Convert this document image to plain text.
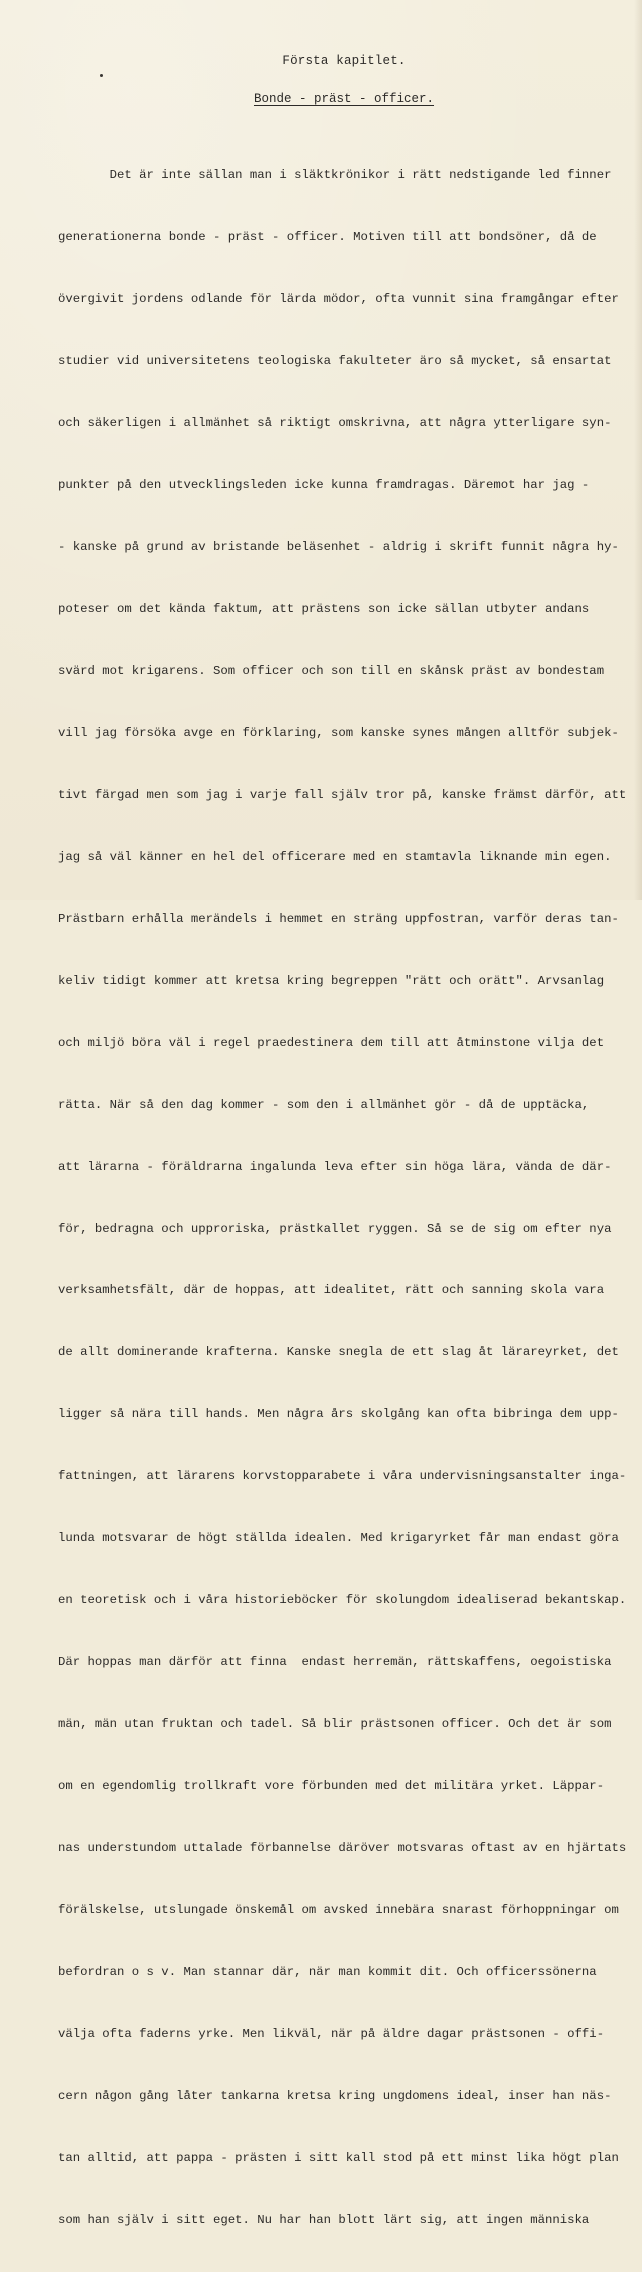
Första kapitlet.
Bonde - präst - officer.

Det är inte sällan man i släktkrönikor i rätt nedstigande led finner

generationerna bonde - präst - officer. Motiven till att bondsöner, då de

övergivit jordens odlande för lärda mödor, ofta vunnit sina framgångar efter

studier vid universitetens teologiska fakulteter äro så mycket, så ensartat

och säkerligen i allmänhet så riktigt omskrivna, att några ytterligare syn-

punkter på den utvecklingsleden icke kunna framdragas. Däremot har jag -

- kanske på grund av bristande beläsenhet - aldrig i skrift funnit några hy-

poteser om det kända faktum, att prästens son icke sällan utbyter andans

svärd mot krigarens. Som officer och son till en skånsk präst av bondestam

vill jag försöka avge en förklaring, som kanske synes mången alltför subjek-

tivt färgad men som jag i varje fall själv tror på, kanske främst därför, att

jag så väl känner en hel del officerare med en stamtavla liknande min egen.

Prästbarn erhålla merändels i hemmet en sträng uppfostran, varför deras tan-

keliv tidigt kommer att kretsa kring begreppen "rätt och orätt". Arvsanlag

och miljö böra väl i regel praedestinera dem till att åtminstone vilja det

rätta. När så den dag kommer - som den i allmänhet gör - då de upptäcka,

att lärarna - föräldrarna ingalunda leva efter sin höga lära, vända de där-

för, bedragna och upproriska, prästkallet ryggen. Så se de sig om efter nya

verksamhetsfält, där de hoppas, att idealitet, rätt och sanning skola vara

de allt dominerande krafterna. Kanske snegla de ett slag åt lärareyrket, det

ligger så nära till hands. Men några års skolgång kan ofta bibringa dem upp-

fattningen, att lärarens korvstopparabete i våra undervisningsanstalter inga-

lunda motsvarar de högt ställda idealen. Med krigaryrket får man endast göra

en teoretisk och i våra historieböcker för skolungdom idealiserad bekantskap.

Där hoppas man därför att finna  endast herremän, rättskaffens, oegoistiska

män, män utan fruktan och tadel. Så blir prästsonen officer. Och det är som

om en egendomlig trollkraft vore förbunden med det militära yrket. Läppar-

nas understundom uttalade förbannelse däröver motsvaras oftast av en hjärtats

förälskelse, utslungade önskemål om avsked innebära snarast förhoppningar om

befordran o s v. Man stannar där, när man kommit dit. Och officerssönerna

välja ofta faderns yrke. Men likväl, när på äldre dagar prästsonen - offi-

cern någon gång låter tankarna kretsa kring ungdomens ideal, inser han näs-

tan alltid, att pappa - prästen i sitt kall stod på ett minst lika högt plan

som han själv i sitt eget. Nu har han blott lärt sig, att ingen människa
